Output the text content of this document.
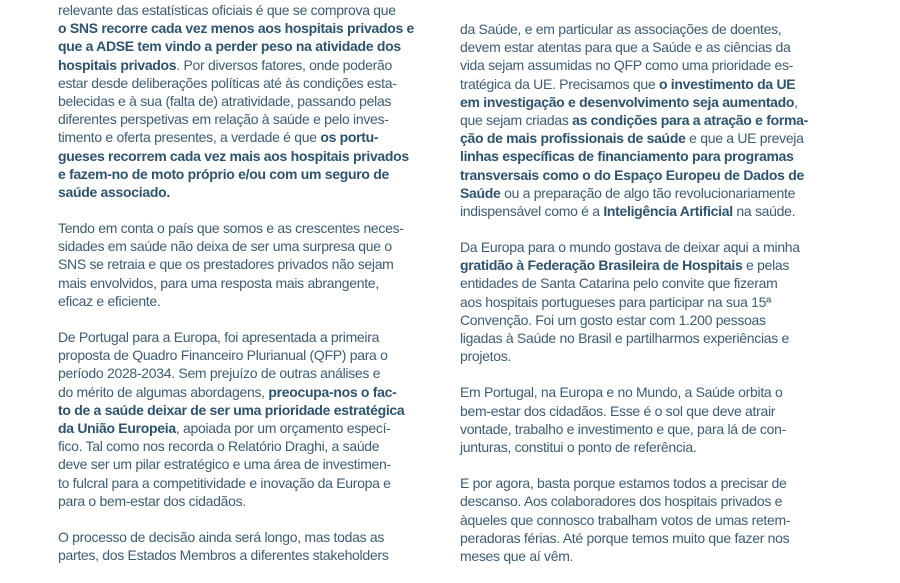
relevante das estatísticas oficiais é que se comprova que
o SNS recorre cada vez menos aos hospitais privados e
que a ADSE tem vindo a perder peso na atividade dos
hospitais privados. Por diversos fatores, onde poderão
estar desde deliberações políticas até às condições esta-
belecidas e à sua (falta de) atratividade, passando pelas
diferentes perspetivas em relação à saúde e pelo inves-
timento e oferta presentes, a verdade é que os portu-
gueses recorrem cada vez mais aos hospitais privados
e fazem-no de moto próprio e/ou com um seguro de
saúde associado.
Tendo em conta o país que somos e as crescentes neces-
sidades em saúde não deixa de ser uma surpresa que o
SNS se retraia e que os prestadores privados não sejam
mais envolvidos, para uma resposta mais abrangente,
eficaz e eficiente.
De Portugal para a Europa, foi apresentada a primeira
proposta de Quadro Financeiro Plurianual (QFP) para o
período 2028-2034. Sem prejuízo de outras análises e
do mérito de algumas abordagens, preocupa-nos o fac-
to de a saúde deixar de ser uma prioridade estratégica
da União Europeia, apoiada por um orçamento especí-
fico. Tal como nos recorda o Relatório Draghi, a saúde
deve ser um pilar estratégico e uma área de investimen-
to fulcral para a competitividade e inovação da Europa e
para o bem-estar dos cidadãos.
O processo de decisão ainda será longo, mas todas as
partes, dos Estados Membros a diferentes stakeholders
da Saúde, e em particular as associações de doentes,
devem estar atentas para que a Saúde e as ciências da
vida sejam assumidas no QFP como uma prioridade es-
tratégica da UE. Precisamos que o investimento da UE
em investigação e desenvolvimento seja aumentado,
que sejam criadas as condições para a atração e forma-
ção de mais profissionais de saúde e que a UE preveja
linhas específicas de financiamento para programas
transversais como o do Espaço Europeu de Dados de
Saúde ou a preparação de algo tão revolucionariamente
indispensável como é a Inteligência Artificial na saúde.
Da Europa para o mundo gostava de deixar aqui a minha
gratidão à Federação Brasileira de Hospitais e pelas
entidades de Santa Catarina pelo convite que fizeram
aos hospitais portugueses para participar na sua 15ª
Convenção. Foi um gosto estar com 1.200 pessoas
ligadas à Saúde no Brasil e partilharmos experiências e
projetos.
Em Portugal, na Europa e no Mundo, a Saúde orbita o
bem-estar dos cidadãos. Esse é o sol que deve atrair
vontade, trabalho e investimento e que, para lá de con-
junturas, constitui o ponto de referência.
E por agora, basta porque estamos todos a precisar de
descanso. Aos colaboradores dos hospitais privados e
àqueles que connosco trabalham votos de umas retem-
peradoras férias. Até porque temos muito que fazer nos
meses que aí vêm.
